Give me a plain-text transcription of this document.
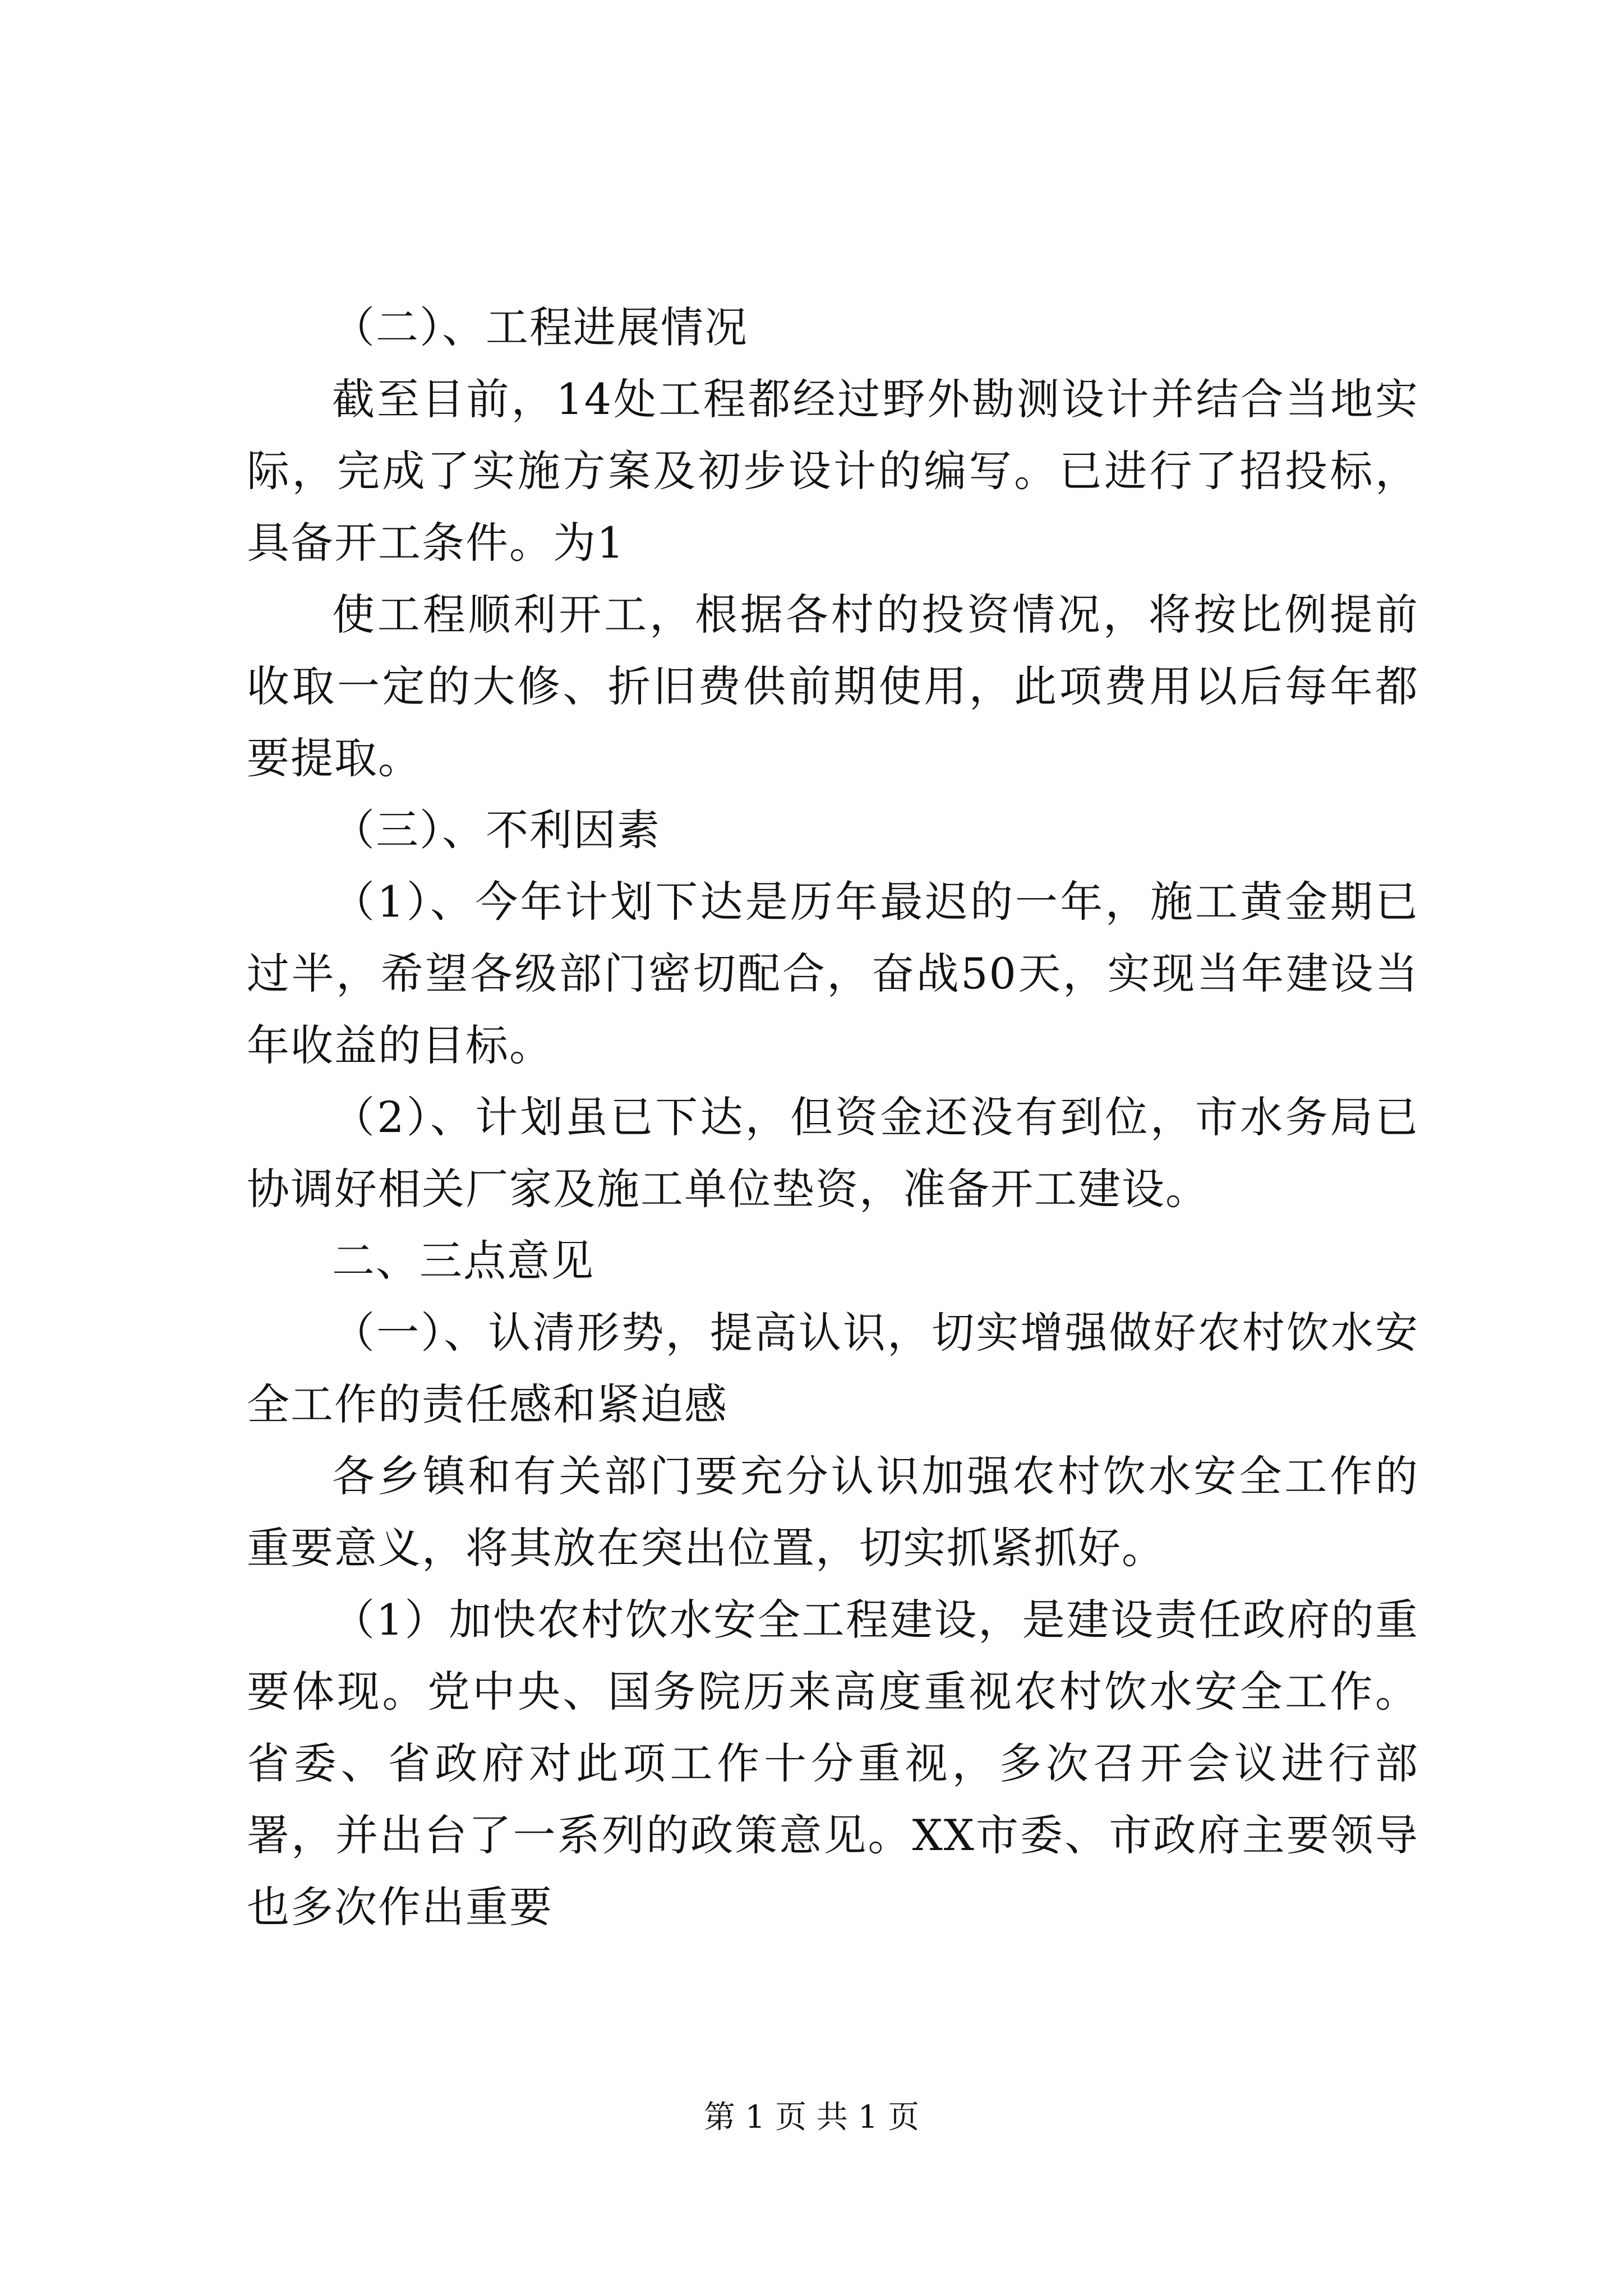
（二）、工程进展情况

截至目前，14处工程都经过野外勘测设计并结合当地实际，完成了实施方案及初步设计的编写。已进行了招投标，具备开工条件。为1

使工程顺利开工，根据各村的投资情况，将按比例提前收取一定的大修、折旧费供前期使用，此项费用以后每年都要提取。

（三）、不利因素

（1）、今年计划下达是历年最迟的一年，施工黄金期已过半，希望各级部门密切配合，奋战50天，实现当年建设当年收益的目标。

（2）、计划虽已下达，但资金还没有到位，市水务局已协调好相关厂家及施工单位垫资，准备开工建设。

二、三点意见

（一）、认清形势，提高认识，切实增强做好农村饮水安全工作的责任感和紧迫感

各乡镇和有关部门要充分认识加强农村饮水安全工作的重要意义，将其放在突出位置，切实抓紧抓好。

（1）加快农村饮水安全工程建设，是建设责任政府的重要体现。党中央、国务院历来高度重视农村饮水安全工作。省委、省政府对此项工作十分重视，多次召开会议进行部署，并出台了一系列的政策意见。XX市委、市政府主要领导也多次作出重要

第 1 页 共 1 页
